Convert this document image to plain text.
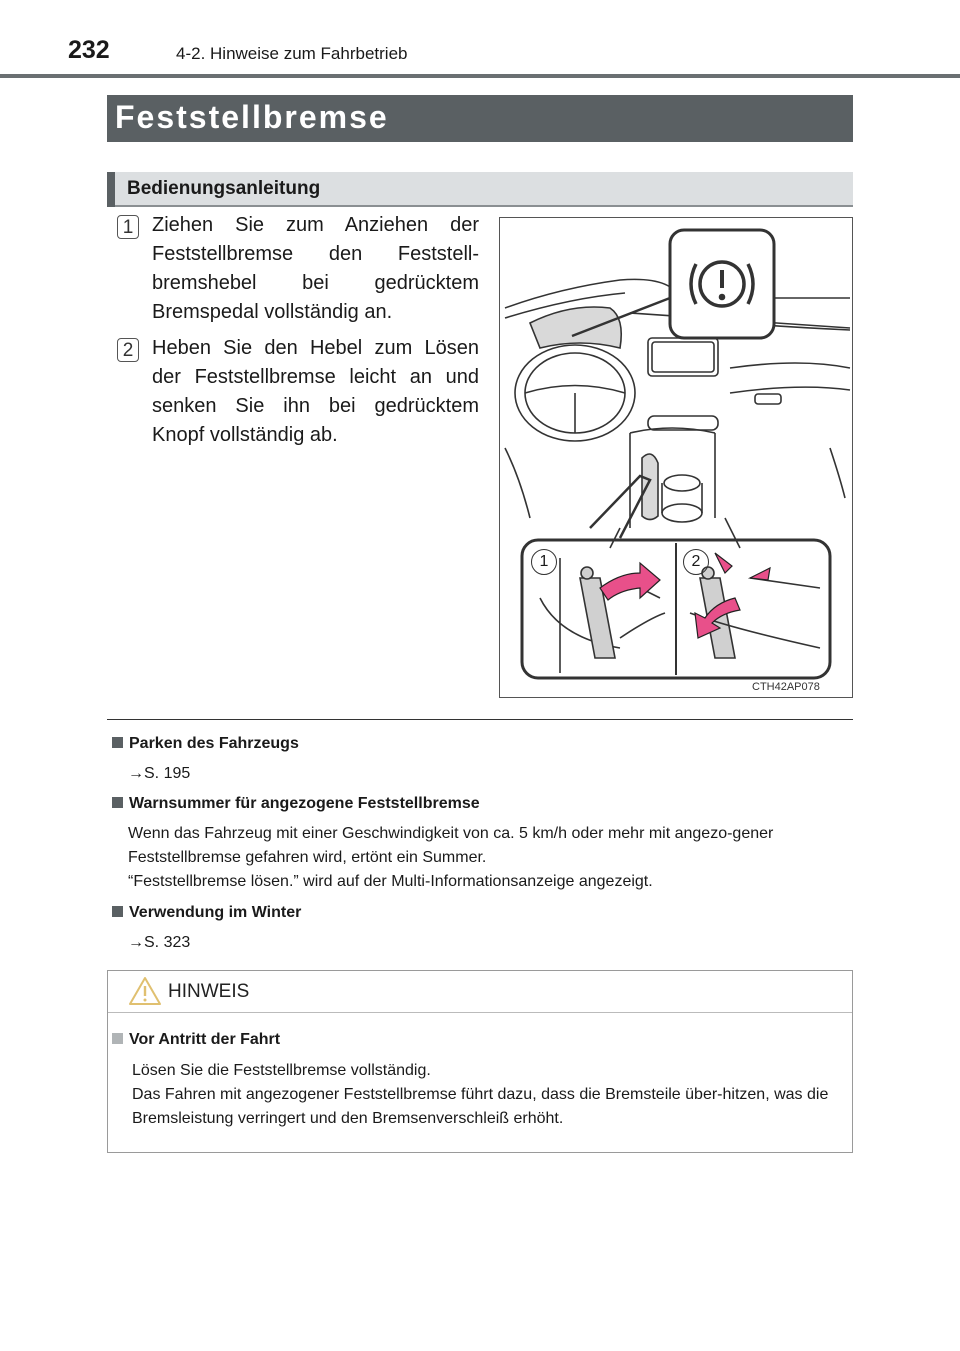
232	4-2. Hinweise zum Fahrbetrieb
Feststellbremse
Bedienungsanleitung
1 Ziehen Sie zum Anziehen der Feststellbremse den Feststell-bremshebel bei gedrücktem Bremspedal vollständig an.
2 Heben Sie den Hebel zum Lösen der Feststellbremse leicht an und senken Sie ihn bei gedrücktem Knopf vollständig ab.
1	2
CTH42AP078
Parken des Fahrzeugs
→S. 195
Warnsummer für angezogene Feststellbremse
Wenn das Fahrzeug mit einer Geschwindigkeit von ca. 5 km/h oder mehr mit angezo-gener Feststellbremse gefahren wird, ertönt ein Summer.
“Feststellbremse lösen.” wird auf der Multi-Informationsanzeige angezeigt.
Verwendung im Winter
→S. 323
HINWEIS
Vor Antritt der Fahrt
Lösen Sie die Feststellbremse vollständig.
Das Fahren mit angezogener Feststellbremse führt dazu, dass die Bremsteile über-hitzen, was die Bremsleistung verringert und den Bremsenverschleiß erhöht.
